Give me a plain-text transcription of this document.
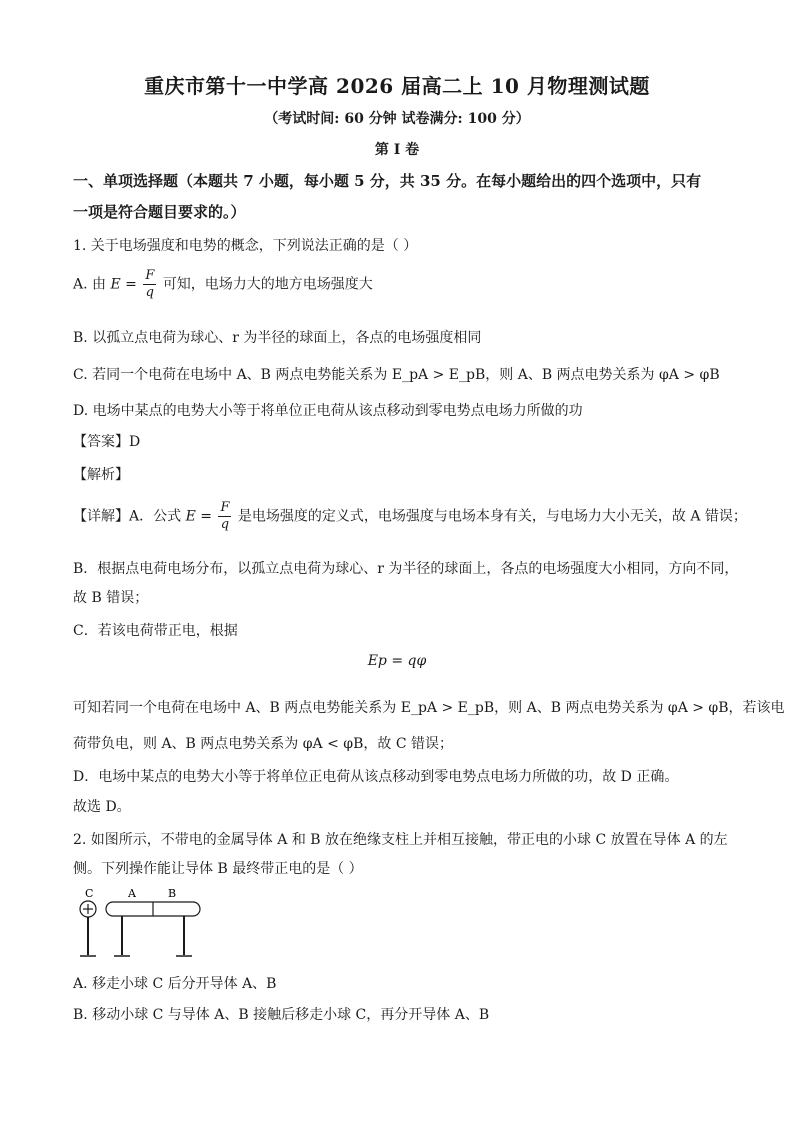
重庆市第十一中学高 2026 届高二上 10 月物理测试题
（考试时间: 60 分钟 试卷满分: 100 分）
第 I 卷
一、单项选择题（本题共 7 小题，每小题 5 分，共 35 分。在每小题给出的四个选项中，只有
一项是符合题目要求的。）
1. 关于电场强度和电势的概念，下列说法正确的是（ ）
A. 由 $E = \frac{F}{q}$ 可知，电场力大的地方电场强度大
B. 以孤立点电荷为球心、r 为半径的球面上，各点的电场强度相同
C. 若同一个电荷在电场中 A、B 两点电势能关系为 E_pA > E_pB，则 A、B 两点电势关系为 φA > φB
D. 电场中某点的电势大小等于将单位正电荷从该点移动到零电势点电场力所做的功
【答案】D
【解析】
【详解】A．公式 $E = \frac{F}{q}$ 是电场强度的定义式，电场强度与电场本身有关，与电场力大小无关，故 A 错误；
B．根据点电荷电场分布，以孤立点电荷为球心、r 为半径的球面上，各点的电场强度大小相同，方向不同，
故 B 错误；
C．若该电荷带正电，根据
Ep = qφ
可知若同一个电荷在电场中 A、B 两点电势能关系为 E_pA > E_pB，则 A、B 两点电势关系为 φA > φB，若该电
荷带负电，则 A、B 两点电势关系为 φA < φB，故 C 错误；
D．电场中某点的电势大小等于将单位正电荷从该点移动到零电势点电场力所做的功，故 D 正确。
故选 D。
2. 如图所示，不带电的金属导体 A 和 B 放在绝缘支柱上并相互接触，带正电的小球 C 放置在导体 A 的左
侧。下列操作能让导体 B 最终带正电的是（ ）
C	A	B
A. 移走小球 C 后分开导体 A、B
B. 移动小球 C 与导体 A、B 接触后移走小球 C，再分开导体 A、B
